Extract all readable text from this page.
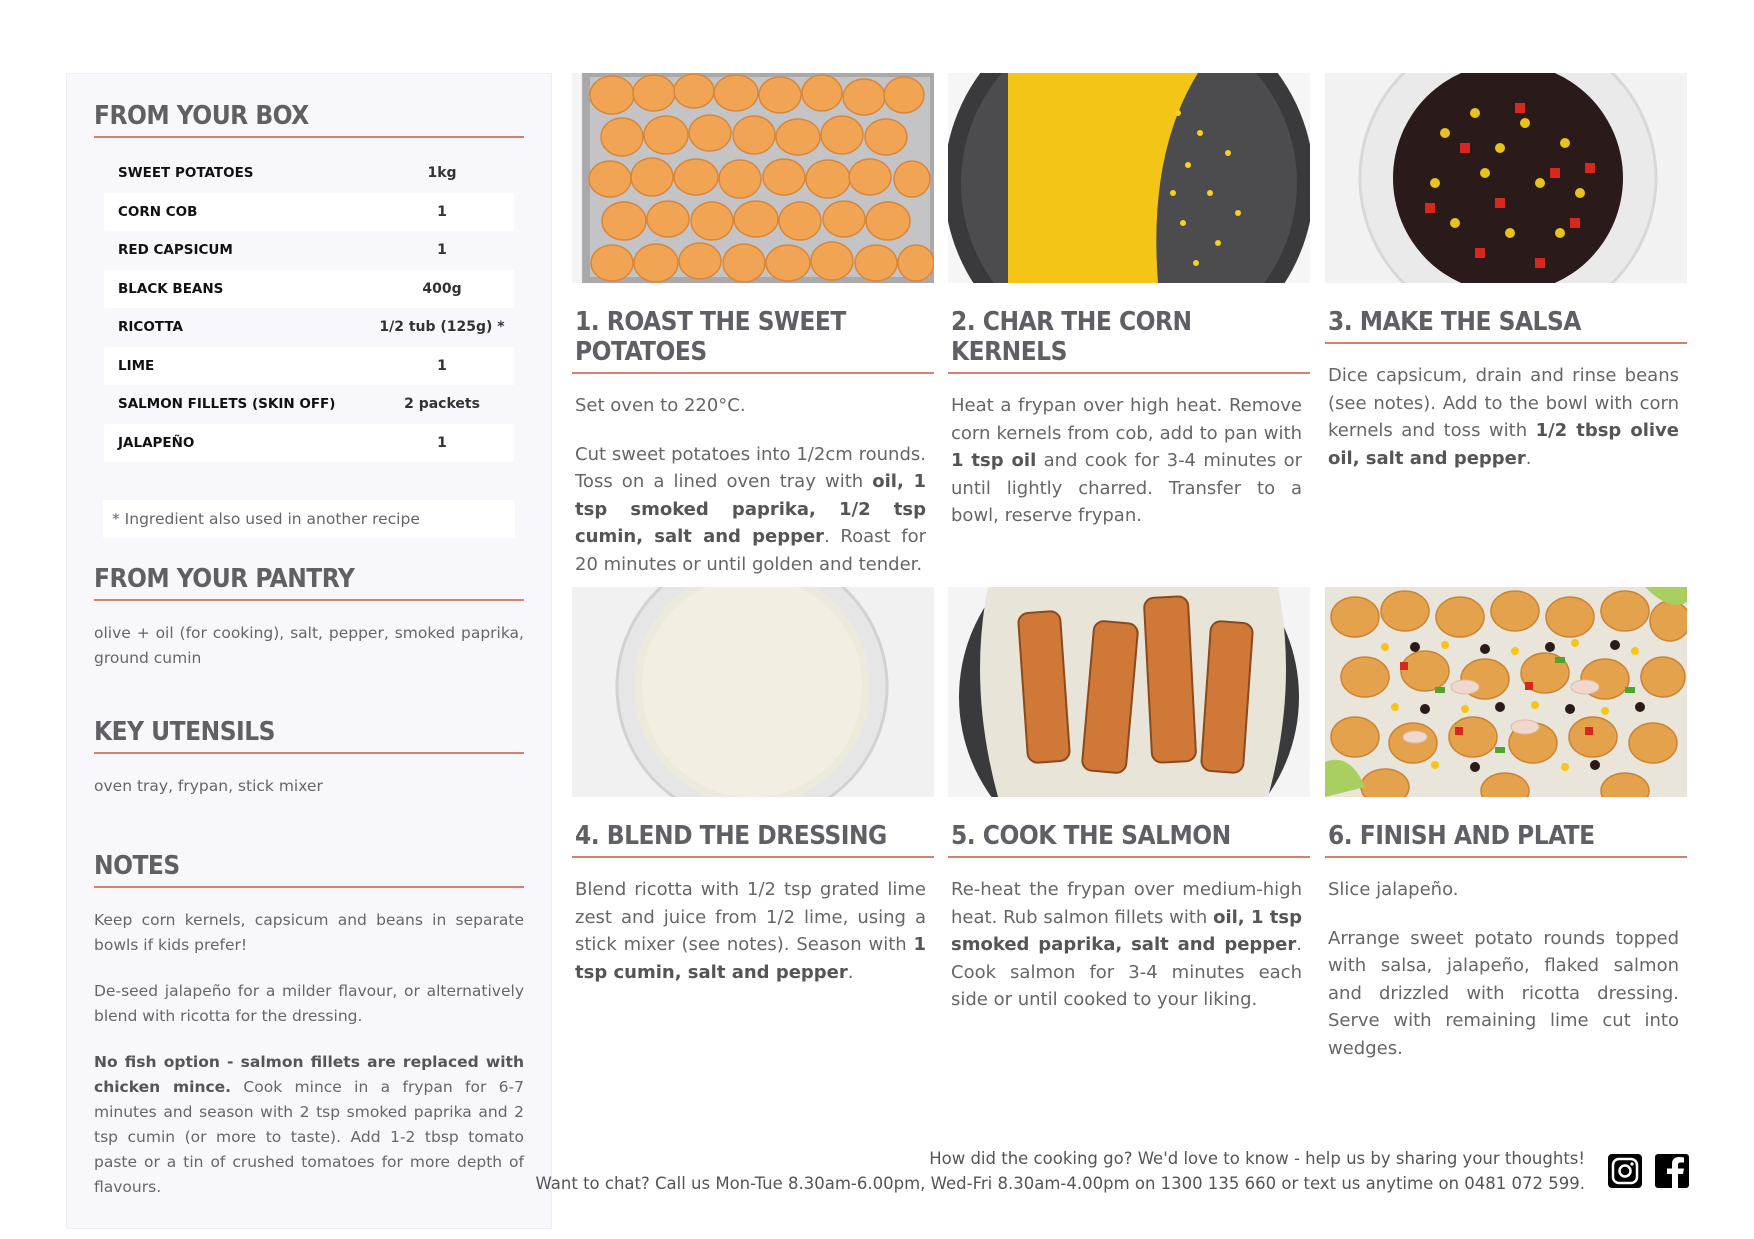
FROM YOUR BOX
SWEET POTATOES	1kg
CORN COB	1
RED CAPSICUM	1
BLACK BEANS	400g
RICOTTA	1/2 tub (125g) *
LIME	1
SALMON FILLETS (SKIN OFF)	2 packets
JALAPEÑO	1
* Ingredient also used in another recipe
FROM YOUR PANTRY

olive + oil (for cooking), salt, pepper, smoked paprika, ground cumin

KEY UTENSILS

oven tray, frypan, stick mixer

NOTES

Keep corn kernels, capsicum and beans in separate bowls if kids prefer!

De-seed jalapeño for a milder flavour, or alternatively blend with ricotta for the dressing.

No fish option - salmon fillets are replaced with chicken mince. Cook mince in a frypan for 6-7 minutes and season with 2 tsp smoked paprika and 2 tsp cumin (or more to taste). Add 1-2 tbsp tomato paste or a tin of crushed tomatoes for more depth of flavours.

1. ROAST THE SWEET POTATOES

Set oven to 220°C.

Cut sweet potatoes into 1/2cm rounds. Toss on a lined oven tray with oil, 1 tsp smoked paprika, 1/2 tsp cumin, salt and pepper. Roast for 20 minutes or until golden and tender.

2. CHAR THE CORN KERNELS

Heat a frypan over high heat. Remove corn kernels from cob, add to pan with 1 tsp oil and cook for 3-4 minutes or until lightly charred. Transfer to a bowl, reserve frypan.

3. MAKE THE SALSA

Dice capsicum, drain and rinse beans (see notes). Add to the bowl with corn kernels and toss with 1/2 tbsp olive oil, salt and pepper.

4. BLEND THE DRESSING

Blend ricotta with 1/2 tsp grated lime zest and juice from 1/2 lime, using a stick mixer (see notes). Season with 1 tsp cumin, salt and pepper.

5. COOK THE SALMON

Re-heat the frypan over medium-high heat. Rub salmon fillets with oil, 1 tsp smoked paprika, salt and pepper. Cook salmon for 3-4 minutes each side or until cooked to your liking.

6. FINISH AND PLATE

Slice jalapeño.

Arrange sweet potato rounds topped with salsa, jalapeño, flaked salmon and drizzled with ricotta dressing. Serve with remaining lime cut into wedges.

How did the cooking go? We'd love to know - help us by sharing your thoughts!
Want to chat? Call us Mon-Tue 8.30am-6.00pm, Wed-Fri 8.30am-4.00pm on 1300 135 660 or text us anytime on 0481 072 599.
